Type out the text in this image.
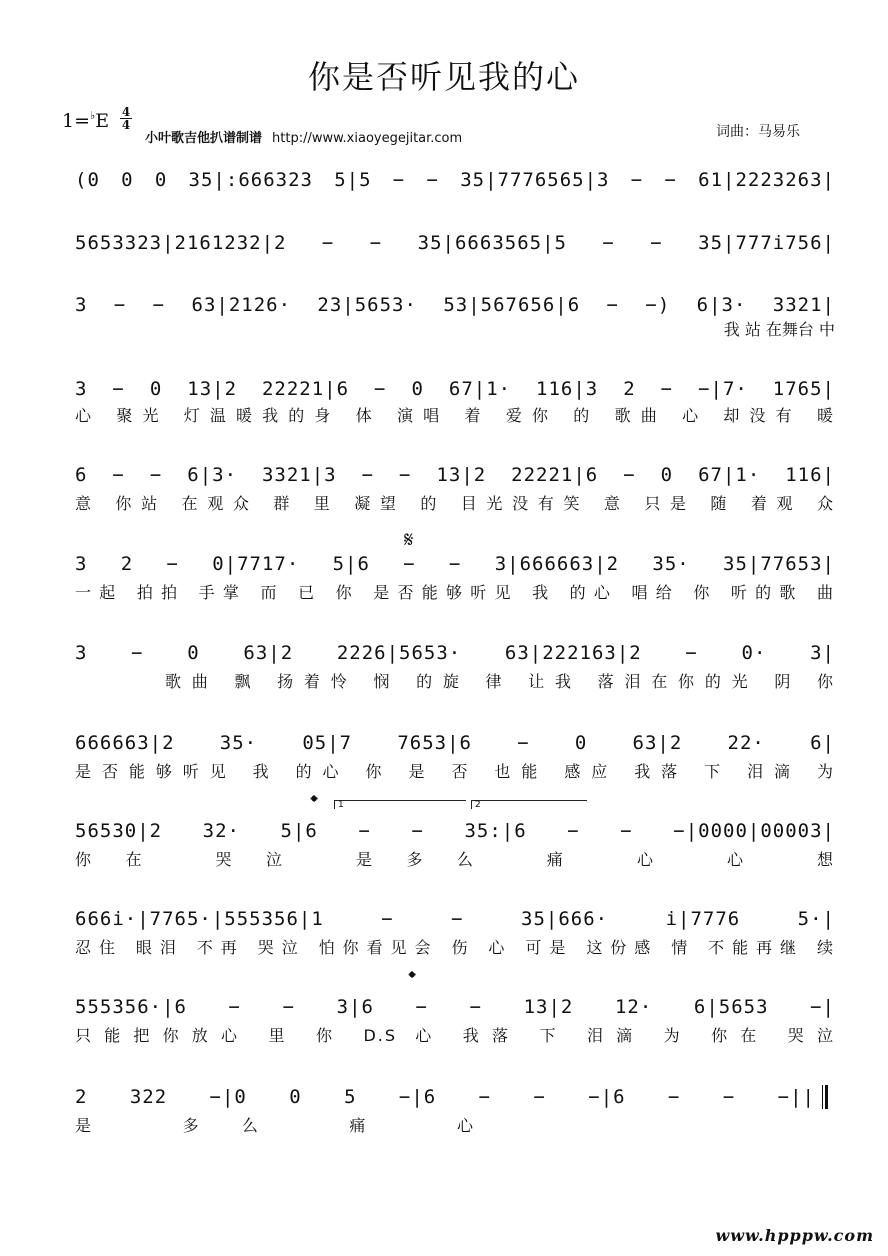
你是否听见我的心
1=♭E 4
4
小叶歌吉他扒谱制谱 http://www.xiaoyegejitar.com	词曲：马易乐
(0 0 0 35|:666323 5|5 − − 35|7776565|3 − − 61|2223263|
5653323|2161232|2 − − 35|6663565|5 − − 35|777i756|
3 − − 63|2126· 23|5653· 53|567656|6 − −) 6|3· 3321|
我 站 在舞台 中
3 − 0 13|2 22221|6 − 0 67|1· 116|3 2 − −|7· 1765|
心 聚光 灯温暖我的身 体 演唱 着 爱你 的 歌曲 心 却没有 暖
6 − − 6|3· 3321|3 − − 13|2 22221|6 − 0 67|1· 116|
意 你站 在观众 群 里 凝望 的 目光没有笑 意 只是 随 着观 众
𝄋
3 2 − 0|7717· 5|6 − − 3|666663|2 35· 35|77653|
一起 拍拍 手掌 而 已 你 是否能够听见 我 的心 唱给 你 听的歌 曲
3 − 0 63|2 2226|5653· 63|222163|2 − 0· 3|
歌曲 飘 扬着怜 悯 的旋 律 让我 落泪在你的光 阴 你
666663|2 35· 05|7 7653|6 − 0 63|2 22· 6|
是否能够听见 我 的心 你 是 否 也能 感应 我落 下 泪滴 为
𝄌	1	2
56530|2 32· 5|6 − − 35:|6 − − −|0000|00003|
你在 哭泣 是多么 痛 心 心 想
666i·|7765·|555356|1 − − 35|666· i|7776 5·|
忍住 眼泪 不再 哭泣 怕你看见会 伤 心 可是 这份感 情 不能再继 续
𝄌
555356·|6 − − 3|6 − − 13|2 12· 6|5653 −|
只能把你放心 里 你 D.S 心 我落 下 泪滴 为 你在 哭泣
2 322 −|0 0 5 −|6 − − −|6 − − −||
是 多么 痛 心
www.hpppw.com
